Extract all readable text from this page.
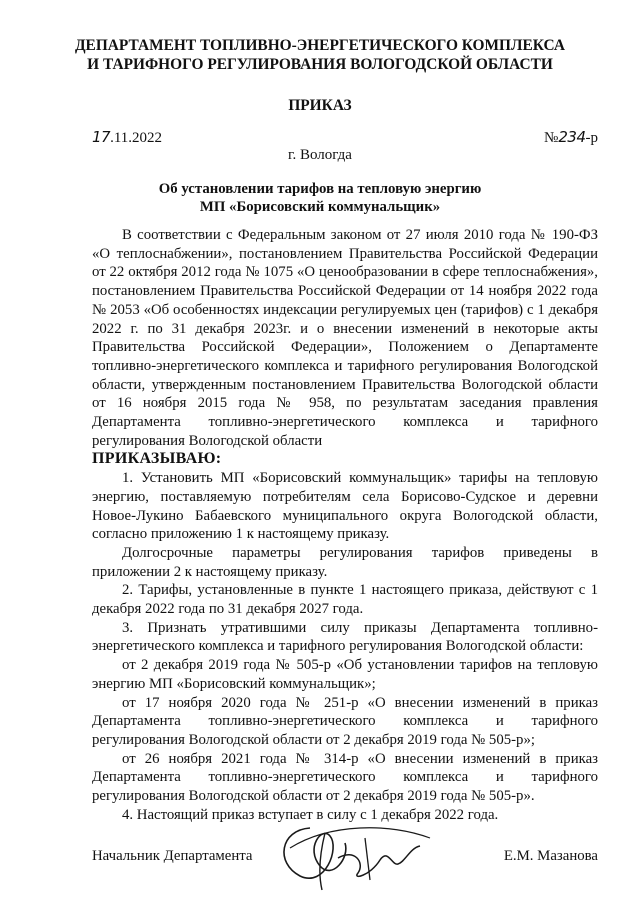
ДЕПАРТАМЕНТ ТОПЛИВНО-ЭНЕРГЕТИЧЕСКОГО КОМПЛЕКСА
И ТАРИФНОГО РЕГУЛИРОВАНИЯ ВОЛОГОДСКОЙ ОБЛАСТИ
ПРИКАЗ
17.11.2022	№234-р
г. Вологда
Об установлении тарифов на тепловую энергию
МП «Борисовский коммунальщик»

В соответствии с Федеральным законом от 27 июля 2010 года № 190-ФЗ «О теплоснабжении», постановлением Правительства Российской Федерации от 22 октября 2012 года № 1075 «О ценообразовании в сфере теплоснабжения», постановлением Правительства Российской Федерации от 14 ноября 2022 года № 2053 «Об особенностях индексации регулируемых цен (тарифов) с 1 декабря 2022 г. по 31 декабря 2023г. и о внесении изменений в некоторые акты Правительства Российской Федерации», Положением о Департаменте топливно-энергетического комплекса и тарифного регулирования Вологодской области, утвержденным постановлением Правительства Вологодской области от 16 ноября 2015 года № 958, по результатам заседания правления Департамента топливно-энергетического комплекса и тарифного регулирования Вологодской области

ПРИКАЗЫВАЮ:

1. Установить МП «Борисовский коммунальщик» тарифы на тепловую энергию, поставляемую потребителям села Борисово-Судское и деревни Новое-Лукино Бабаевского муниципального округа Вологодской области, согласно приложению 1 к настоящему приказу.

Долгосрочные параметры регулирования тарифов приведены в приложении 2 к настоящему приказу.

2. Тарифы, установленные в пункте 1 настоящего приказа, действуют с 1 декабря 2022 года по 31 декабря 2027 года.

3. Признать утратившими силу приказы Департамента топливно-энергетического комплекса и тарифного регулирования Вологодской области:

от 2 декабря 2019 года № 505-р «Об установлении тарифов на тепловую энергию МП «Борисовский коммунальщик»;

от 17 ноября 2020 года № 251-р «О внесении изменений в приказ Департамента топливно-энергетического комплекса и тарифного регулирования Вологодской области от 2 декабря 2019 года № 505-р»;

от 26 ноября 2021 года № 314-р «О внесении изменений в приказ Департамента топливно-энергетического комплекса и тарифного регулирования Вологодской области от 2 декабря 2019 года № 505-р».

4. Настоящий приказ вступает в силу с 1 декабря 2022 года.

Начальник Департамента	Е.М. Мазанова
